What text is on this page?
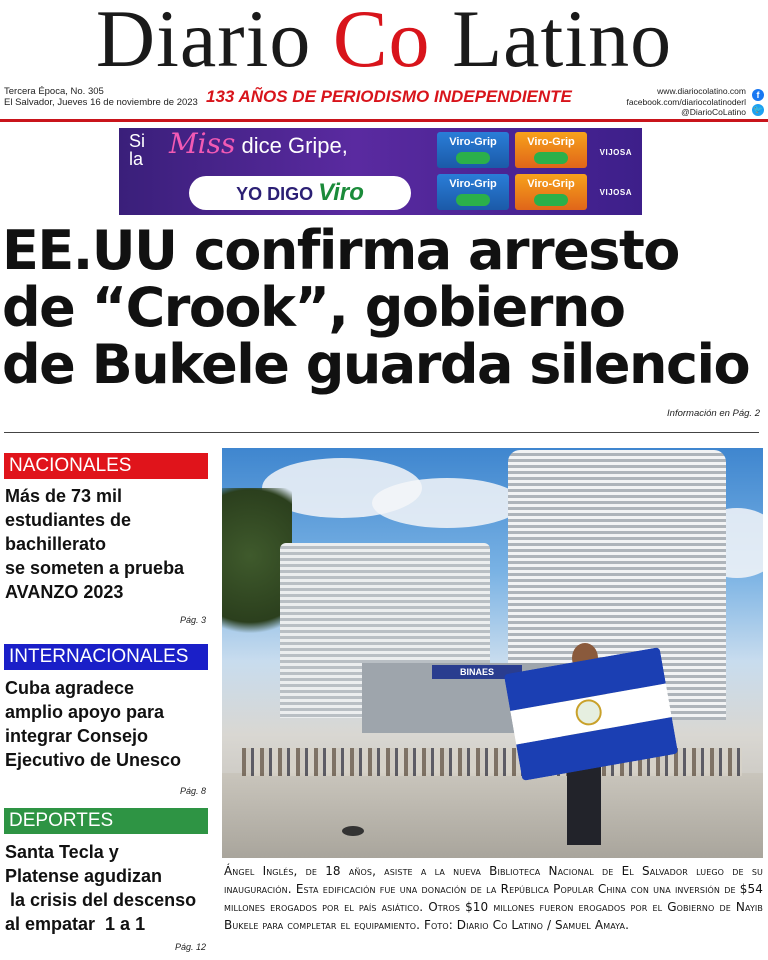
Diario Co Latino
Tercera Época, No. 305
El Salvador, Jueves 16 de noviembre de 2023 133 AÑOS DE PERIODISMO INDEPENDIENTE	www.diariocolatino.com
facebook.com/diariocolatinoderl
@DiarioCoLatino
f
🐦
Si la Miss dice Gripe,
YO DIGO Viro
Viro-Grip	Viro-Grip
Viro-Grip	Viro-Grip
VIJOSA
VIJOSA
EE.UU confirma arresto
de “Crook”, gobierno
de Bukele guarda silencio
Información en Pág. 2
NACIONALES
Más de 73 mil
estudiantes de
bachillerato
se someten a prueba
AVANZO 2023
Pág. 3
INTERNACIONALES
Cuba agradece
amplio apoyo para
integrar Consejo
Ejecutivo de Unesco
Pág. 8
DEPORTES
Santa Tecla y
Platense agudizan
la crisis del descenso
al empatar  1 a 1
Pág. 12
BINAES
Ángel Inglés, de 18 años, asiste a la nueva Biblioteca Nacional de El Salvador luego de su inauguración. Esta edificación fue una donación de la República Popular China con una inversión de $54 millones erogados por el país asiático. Otros $10 millones fueron erogados por el Gobierno de Nayib Bukele para completar el equipamiento. Foto: Diario Co Latino / Samuel Amaya.
